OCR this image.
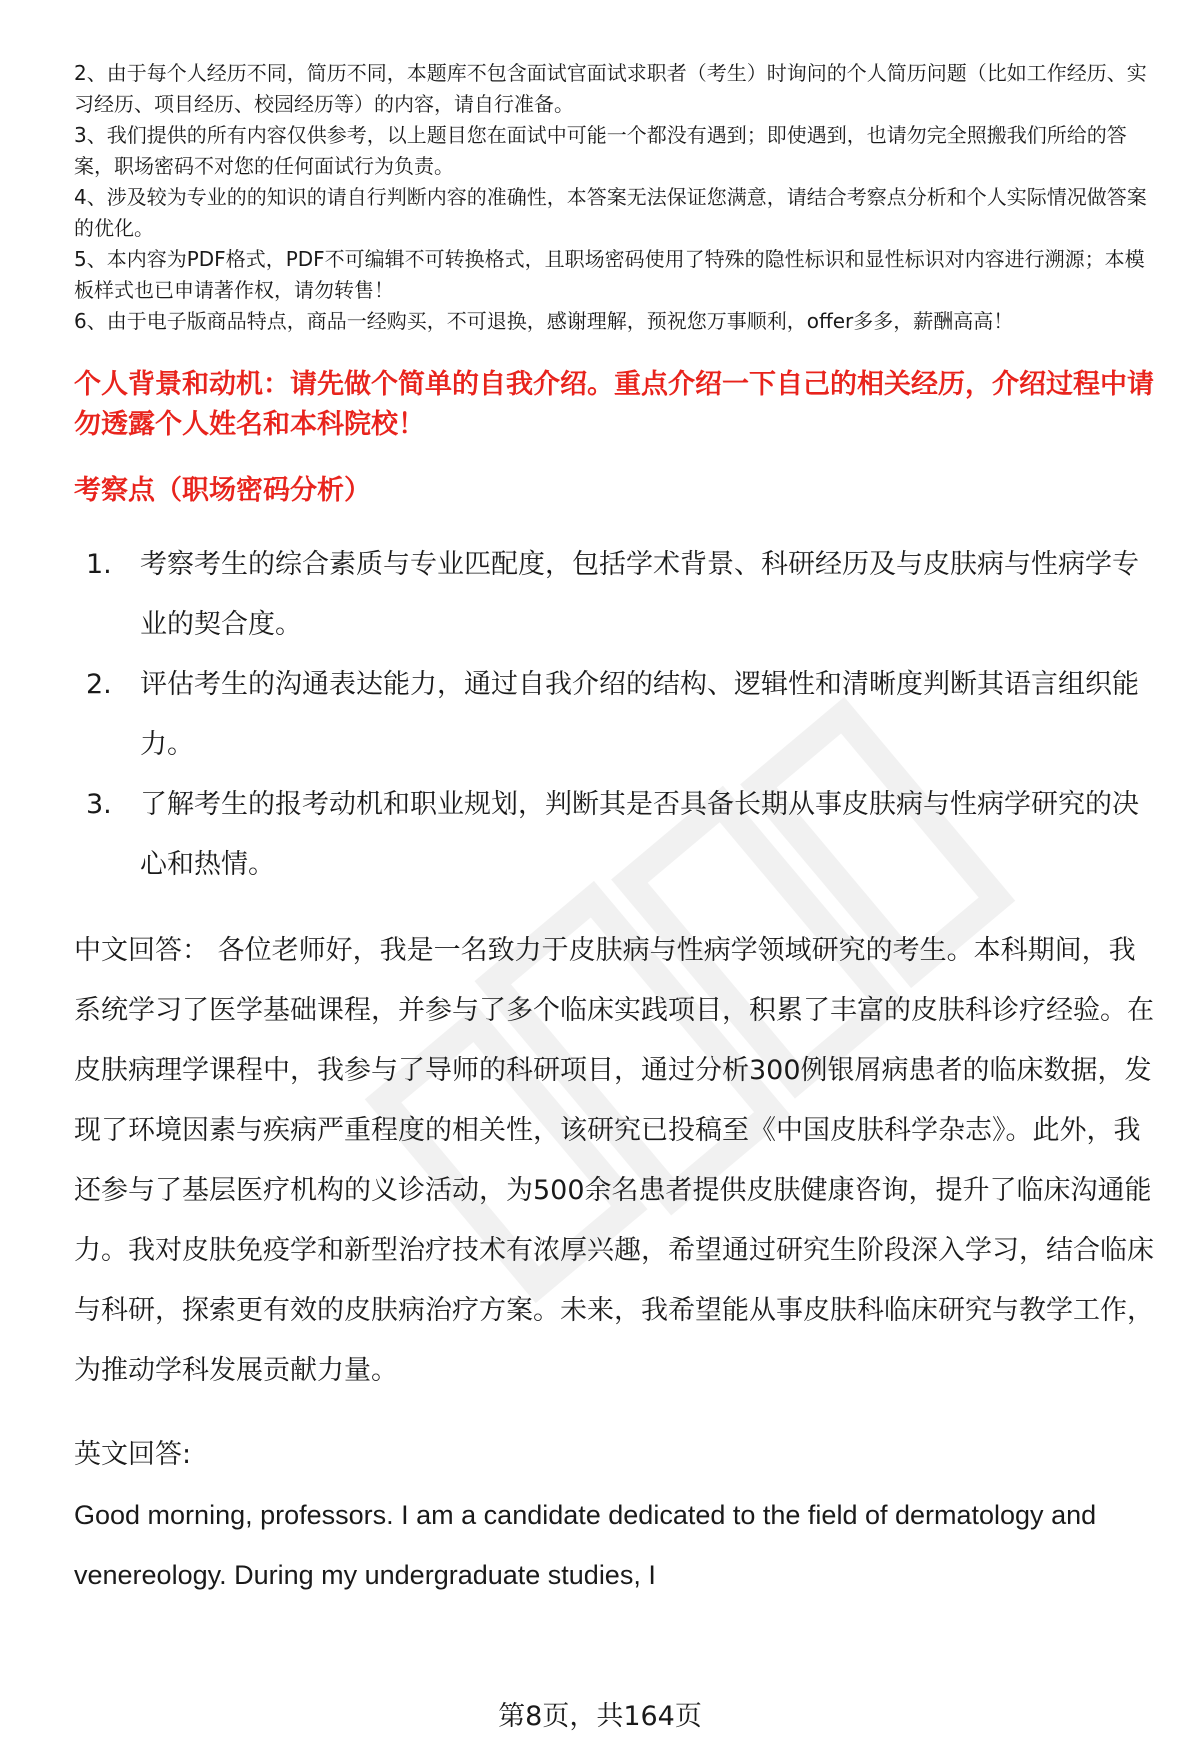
2、由于每个人经历不同，简历不同，本题库不包含面试官面试求职者（考生）时询问的个人简历问题（比如工作经历、实习经历、项目经历、校园经历等）的内容，请自行准备。

3、我们提供的所有内容仅供参考，以上题目您在面试中可能一个都没有遇到；即使遇到，也请勿完全照搬我们所给的答案，职场密码不对您的任何面试行为负责。

4、涉及较为专业的的知识的请自行判断内容的准确性，本答案无法保证您满意，请结合考察点分析和个人实际情况做答案的优化。

5、本内容为PDF格式，PDF不可编辑不可转换格式，且职场密码使用了特殊的隐性标识和显性标识对内容进行溯源；本模板样式也已申请著作权，请勿转售！

6、由于电子版商品特点，商品一经购买，不可退换，感谢理解，预祝您万事顺利，offer多多，薪酬高高！

个人背景和动机：请先做个简单的自我介绍。重点介绍一下自己的相关经历，介绍过程中请勿透露个人姓名和本科院校！

考察点（职场密码分析）

1.	考察考生的综合素质与专业匹配度，包括学术背景、科研经历及与皮肤病与性病学专业的契合度。
2.	评估考生的沟通表达能力，通过自我介绍的结构、逻辑性和清晰度判断其语言组织能力。
3.	了解考生的报考动机和职业规划，判断其是否具备长期从事皮肤病与性病学研究的决心和热情。

中文回答： 各位老师好，我是一名致力于皮肤病与性病学领域研究的考生。本科期间，我系统学习了医学基础课程，并参与了多个临床实践项目，积累了丰富的皮肤科诊疗经验。在皮肤病理学课程中，我参与了导师的科研项目，通过分析300例银屑病患者的临床数据，发现了环境因素与疾病严重程度的相关性，该研究已投稿至《中国皮肤科学杂志》。此外，我还参与了基层医疗机构的义诊活动，为500余名患者提供皮肤健康咨询，提升了临床沟通能力。我对皮肤免疫学和新型治疗技术有浓厚兴趣，希望通过研究生阶段深入学习，结合临床与科研，探索更有效的皮肤病治疗方案。未来，我希望能从事皮肤科临床研究与教学工作，为推动学科发展贡献力量。

英文回答:

Good morning, professors. I am a candidate dedicated to the field of dermatology and venereology. During my undergraduate studies, I

第8页，共164页
